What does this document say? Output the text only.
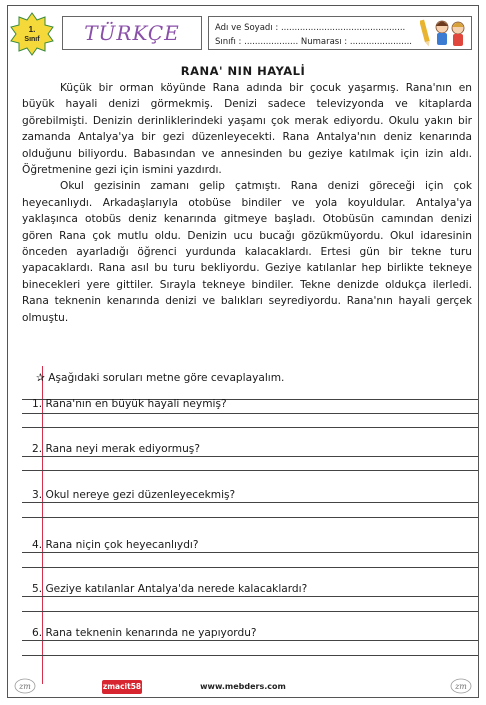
1.
Sınıf TÜRKÇE	Adı ve Soyadı : ..............................................
Sınıfı : .................... Numarası : .......................
RANA' NIN HAYALİ

Küçük bir orman köyünde Rana adında bir çocuk yaşarmış. Rana'nın en büyük hayali denizi görmekmiş. Denizi sadece televizyonda ve kitaplarda görebilmişti. Denizin derinliklerindeki yaşamı çok merak ediyordu. Okulu yakın bir zamanda Antalya'ya bir gezi düzenleyecekti. Rana Antalya'nın deniz kenarında olduğunu biliyordu. Babasından ve annesinden bu geziye katılmak için izin aldı. Öğretmenine gezi için ismini yazdırdı.

Okul gezisinin zamanı gelip çatmıştı. Rana denizi göreceği için çok heyecanlıydı. Arkadaşlarıyla otobüse bindiler ve yola koyuldular. Antalya'ya yaklaşınca otobüs deniz kenarında gitmeye başladı. Otobüsün camından denizi gören Rana çok mutlu oldu. Denizin ucu bucağı gözükmüyordu. Okul idaresinin önceden ayarladığı öğrenci yurdunda kalacaklardı. Ertesi gün bir tekne turu yapacaklardı. Rana asıl bu turu bekliyordu. Geziye katılanlar hep birlikte tekneye binecekleri yere gittiler. Sırayla tekneye bindiler. Tekne denizde oldukça ilerledi. Rana teknenin kenarında denizi ve balıkları seyrediyordu. Rana'nın hayali gerçek olmuştu.

✰ Aşağıdaki soruları metne göre cevaplayalım.
1. Rana'nın en büyük hayali neymiş?
2. Rana neyi merak ediyormuş?
3. Okul nereye gezi düzenleyecekmiş?
4. Rana niçin çok heyecanlıydı?
5. Geziye katılanlar Antalya'da nerede kalacaklardı?
6. Rana teknenin kenarında ne yapıyordu?
zm	zmacit58	www.mebders.com	zm
